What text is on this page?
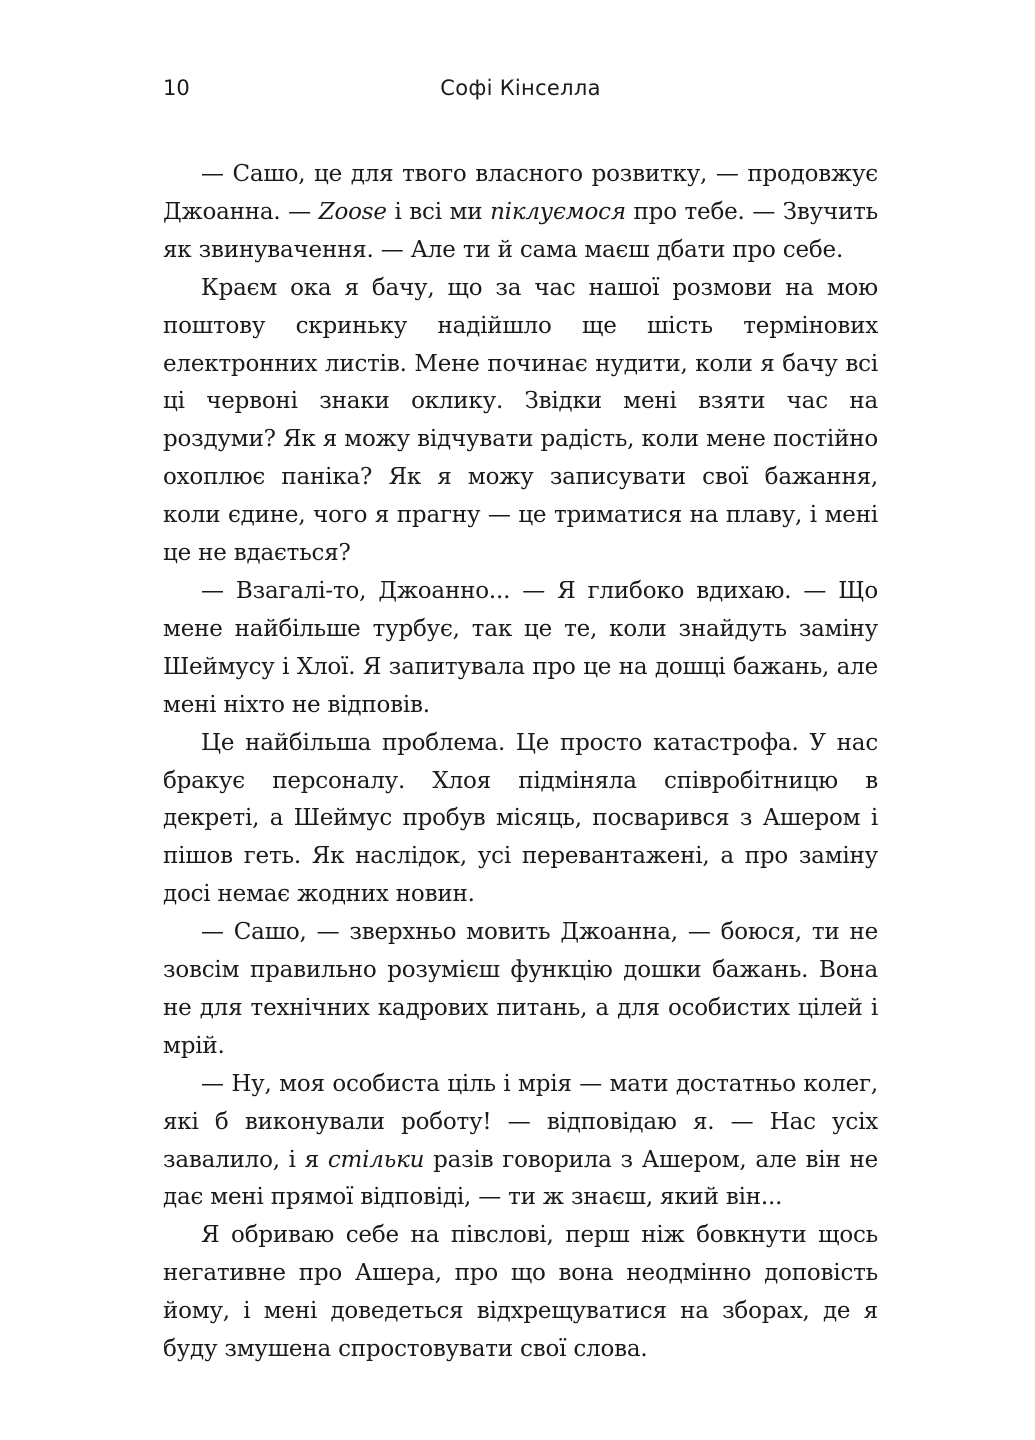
10	Софі Кінселла

— Сашо, це для твого власного розвитку, — продовжує Джоанна. — Zoose і всі ми піклуємося про тебе. — Звучить як звинувачення. — Але ти й сама маєш дбати про себе.

Краєм ока я бачу, що за час нашої розмови на мою поштову скриньку надійшло ще шість термінових електронних листів. Мене починає нудити, коли я бачу всі ці червоні знаки оклику. Звідки мені взяти час на роздуми? Як я можу відчувати радість, коли мене постійно охоплює паніка? Як я можу записувати свої бажання, коли єдине, чого я прагну — це триматися на плаву, і мені це не вдається?

— Взагалі-то, Джоанно... — Я глибоко вдихаю. — Що мене найбільше турбує, так це те, коли знайдуть заміну Шеймусу і Хлої. Я запитувала про це на дошці бажань, але мені ніхто не відповів.

Це найбільша проблема. Це просто катастрофа. У нас бракує персоналу. Хлоя підміняла співробітницю в декреті, а Шеймус пробув місяць, посварився з Ашером і пішов геть. Як наслідок, усі перевантажені, а про заміну досі немає жодних новин.

— Сашо, — зверхньо мовить Джоанна, — боюся, ти не зовсім правильно розумієш функцію дошки бажань. Вона не для технічних кадрових питань, а для особистих цілей і мрій.

— Ну, моя особиста ціль і мрія — мати достатньо колег, які б виконували роботу! — відповідаю я. — Нас усіх завалило, і я стільки разів говорила з Ашером, але він не дає мені прямої відповіді, — ти ж знаєш, який він...

Я обриваю себе на півслові, перш ніж бовкнути щось негативне про Ашера, про що вона неодмінно доповість йому, і мені доведеться відхрещуватися на зборах, де я буду змушена спростовувати свої слова.
